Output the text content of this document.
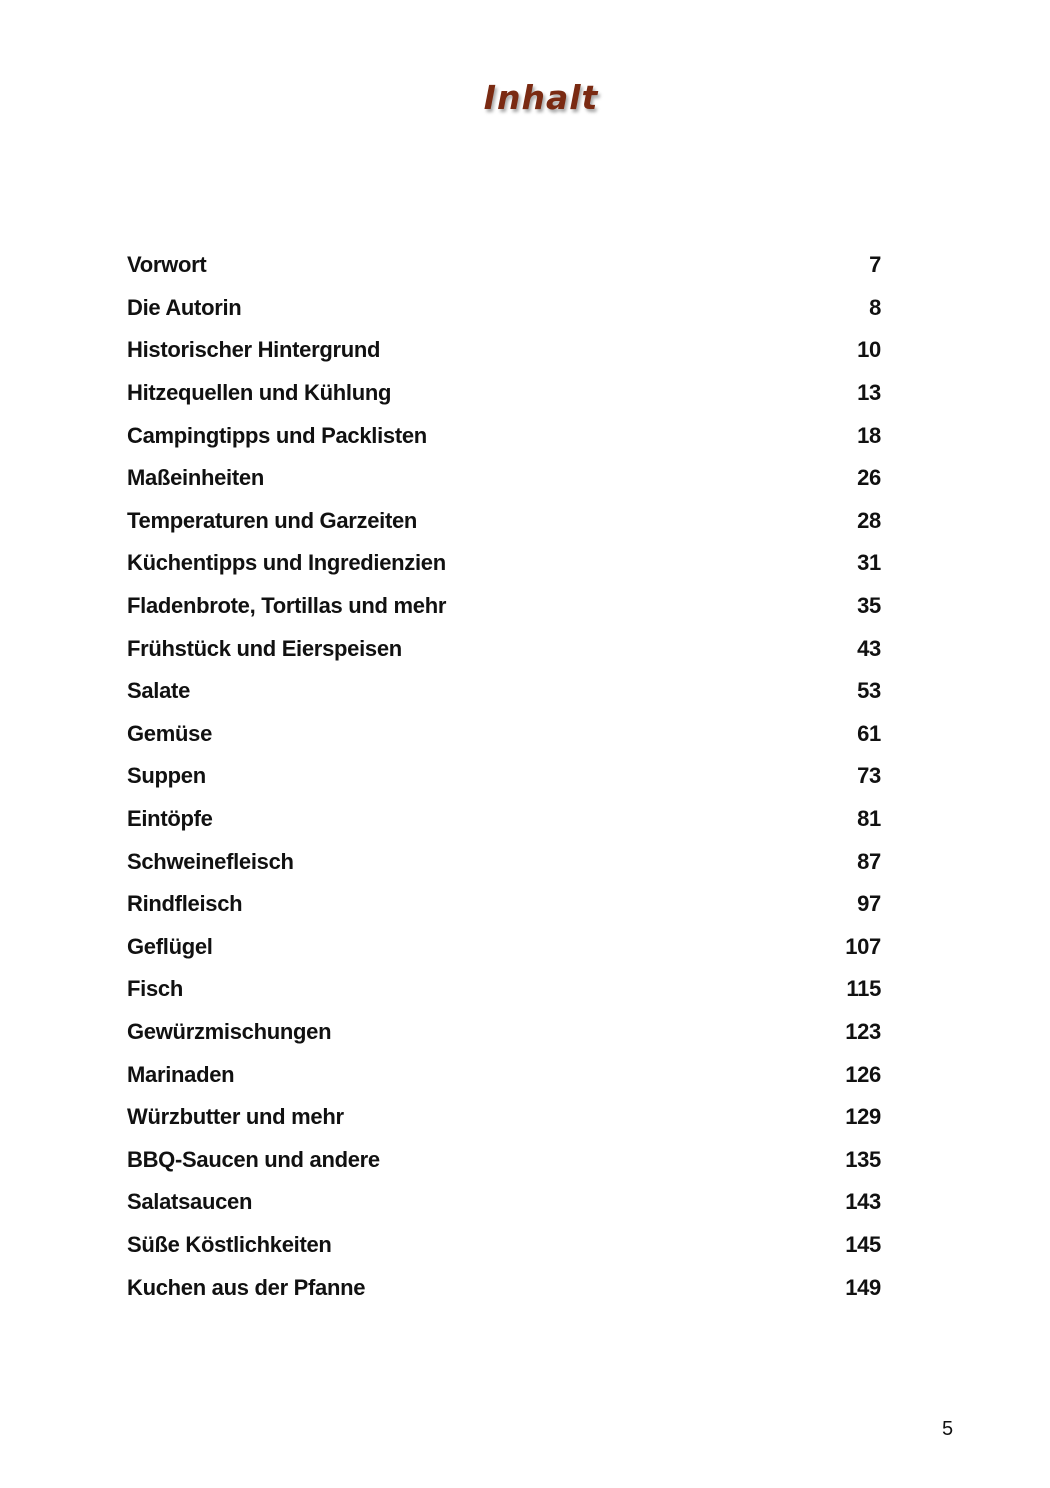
Inhalt
Vorwort	7
Die Autorin	8
Historischer Hintergrund	10
Hitzequellen und Kühlung	13
Campingtipps und Packlisten	18
Maßeinheiten	26
Temperaturen und Garzeiten	28
Küchentipps und Ingredienzien	31
Fladenbrote, Tortillas und mehr	35
Frühstück und Eierspeisen	43
Salate	53
Gemüse	61
Suppen	73
Eintöpfe	81
Schweinefleisch	87
Rindfleisch	97
Geflügel	107
Fisch	115
Gewürzmischungen	123
Marinaden	126
Würzbutter und mehr	129
BBQ-Saucen und andere	135
Salatsaucen	143
Süße Köstlichkeiten	145
Kuchen aus der Pfanne	149
5
